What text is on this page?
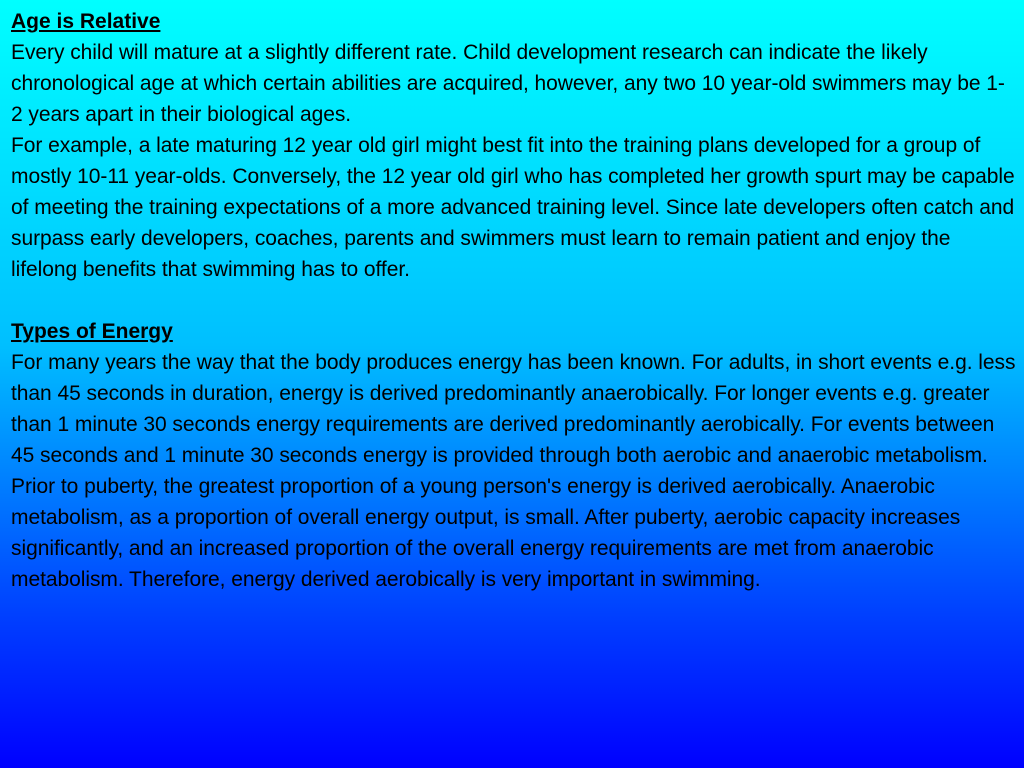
Age is Relative

Every child will mature at a slightly different rate. Child development research can indicate the likely chronological age at which certain abilities are acquired, however, any two 10 year-old swimmers may be 1-2 years apart in their biological ages.

For example, a late maturing 12 year old girl might best fit into the training plans developed for a group of mostly 10-11 year-olds. Conversely, the 12 year old girl who has completed her growth spurt may be capable of meeting the training expectations of a more advanced training level. Since late developers often catch and surpass early developers, coaches, parents and swimmers must learn to remain patient and enjoy the lifelong benefits that swimming has to offer.

Types of Energy

For many years the way that the body produces energy has been known. For adults, in short events e.g. less than 45 seconds in duration, energy is derived predominantly anaerobically. For longer events e.g. greater than 1 minute 30 seconds energy requirements are derived predominantly aerobically. For events between 45 seconds and 1 minute 30 seconds energy is provided through both aerobic and anaerobic metabolism. Prior to puberty, the greatest proportion of a young person's energy is derived aerobically. Anaerobic metabolism, as a proportion of overall energy output, is small. After puberty, aerobic capacity increases significantly, and an increased proportion of the overall energy requirements are met from anaerobic metabolism. Therefore, energy derived aerobically is very important in swimming.
